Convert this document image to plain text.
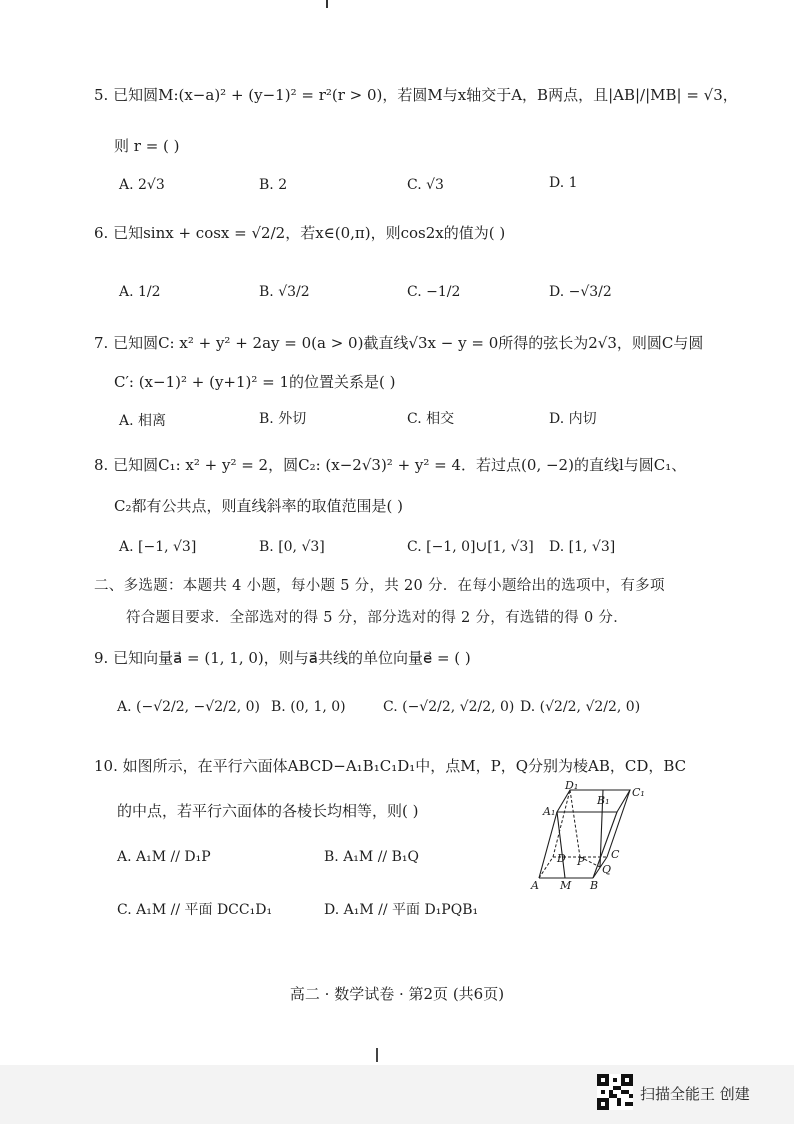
5. 已知圆M:(x−a)² + (y−1)² = r²(r > 0)，若圆M与x轴交于A，B两点，且|AB|/|MB| = √3，
则 r = ( )
A. 2√3	B. 2	C. √3	D. 1
6. 已知sinx + cosx = √2/2，若x∈(0,π)，则cos2x的值为( )
A. 1/2	B. √3/2	C. −1/2	D. −√3/2
7. 已知圆C: x² + y² + 2ay = 0(a > 0)截直线√3x − y = 0所得的弦长为2√3，则圆C与圆
C′: (x−1)² + (y+1)² = 1的位置关系是( )
A. 相离	B. 外切	C. 相交	D. 内切
8. 已知圆C₁: x² + y² = 2，圆C₂: (x−2√3)² + y² = 4．若过点(0, −2)的直线l与圆C₁、
C₂都有公共点，则直线斜率的取值范围是( )
A. [−1, √3]	B. [0, √3]	C. [−1, 0]∪[1, √3] D. [1, √3]
二、多选题：本题共 4 小题，每小题 5 分，共 20 分．在每小题给出的选项中，有多项
符合题目要求．全部选对的得 5 分，部分选对的得 2 分，有选错的得 0 分．
9. 已知向量a⃗ = (1, 1, 0)，则与a⃗共线的单位向量e⃗ = ( )
A. (−√2/2, −√2/2, 0) B. (0, 1, 0)	C. (−√2/2, √2/2, 0) D. (√2/2, √2/2, 0)
10. 如图所示，在平行六面体ABCD−A₁B₁C₁D₁中，点M，P，Q分别为棱AB，CD，BC
的中点，若平行六面体的各棱长均相等，则( )
A. A₁M // D₁P	B. A₁M // B₁Q
C. A₁M // 平面 DCC₁D₁	D. A₁M // 平面 D₁PQB₁
D₁
B₁
C₁
A₁
D P
C
Q
A M B
高二 · 数学试卷 · 第2页 (共6页)
扫描全能王 创建
